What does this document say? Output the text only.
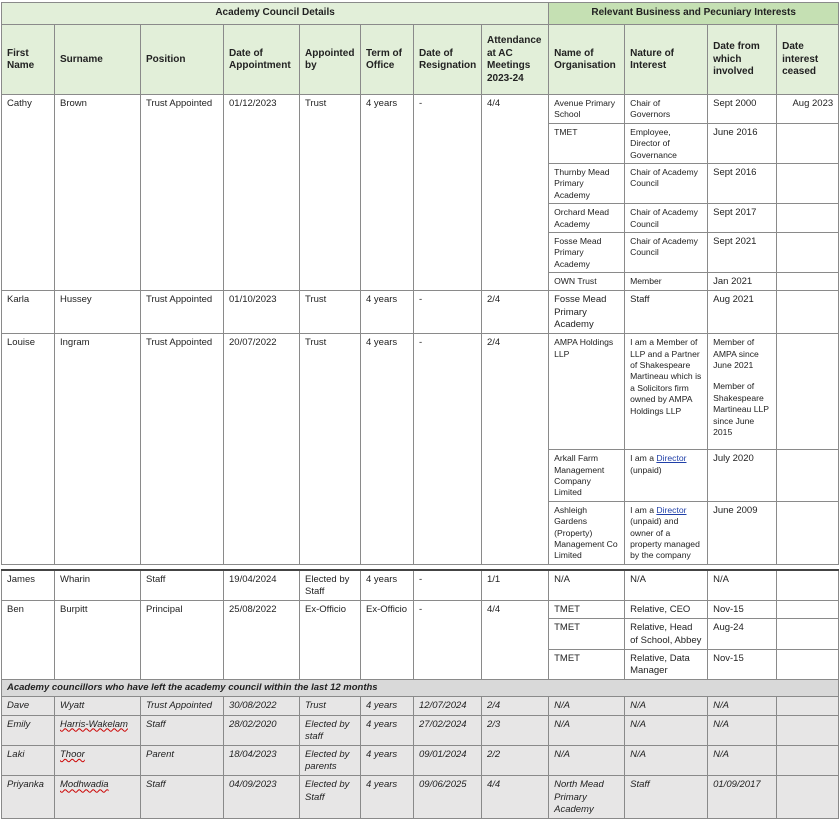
Academy Council Details								Relevant Business and Pecuniary Interests			
First Name	Surname	Position	Date of Appointment	Appointed by	Term of Office	Date of Resignation	Attendance at AC Meetings 2023-24	Name of Organisation	Nature of Interest	Date from which involved	Date interest ceased
Cathy	Brown	Trust Appointed	01/12/2023	Trust	4 years	-	4/4	Avenue Primary School	Chair of Governors	Sept 2000	Aug 2023
								TMET	Employee, Director of Governance	June 2016	
								Thurnby Mead Primary Academy	Chair of Academy Council	Sept 2016	
								Orchard Mead Academy	Chair of Academy Council	Sept 2017	
								Fosse Mead Primary Academy	Chair of Academy Council	Sept 2021	
								OWN Trust	Member	Jan 2021	
Karla	Hussey	Trust Appointed	01/10/2023	Trust	4 years	-	2/4	Fosse Mead Primary Academy	Staff	Aug 2021	
Louise	Ingram	Trust Appointed	20/07/2022	Trust	4 years	-	2/4	AMPA Holdings LLP	I am a Member of LLP and a Partner of Shakespeare Martineau which is a Solicitors firm owned by AMPA Holdings LLP	Member of AMPA since June 2021
Member of Shakespeare Martineau LLP since June 2015	

								Arkall Farm Management Company Limited	I am a Director (unpaid)	July 2020	
								Ashleigh Gardens (Property) Management Co Limited	I am a Director (unpaid) and owner of a property managed by the company	June 2009	

James	Wharin	Staff	19/04/2024	Elected by Staff	4 years	-	1/1	N/A	N/A	N/A	
Ben	Burpitt	Principal	25/08/2022	Ex-Officio	Ex-Officio	-	4/4	TMET	Relative, CEO	Nov-15	
								TMET	Relative, Head of School, Abbey	Aug-24	
								TMET	Relative, Data Manager	Nov-15	
Academy councillors who have left the academy council within the last 12 months											
Dave	Wyatt	Trust Appointed	30/08/2022	Trust	4 years	12/07/2024	2/4	N/A	N/A	N/A	
Emily	Harris-Wakelam	Staff	28/02/2020	Elected by staff	4 years	27/02/2024	2/3	N/A	N/A	N/A	
Laki	Thoor	Parent	18/04/2023	Elected by parents	4 years	09/01/2024	2/2	N/A	N/A	N/A	
Priyanka	Modhwadia	Staff	04/09/2023	Elected by Staff	4 years	09/06/2025	4/4	North Mead Primary Academy	Staff	01/09/2017	
